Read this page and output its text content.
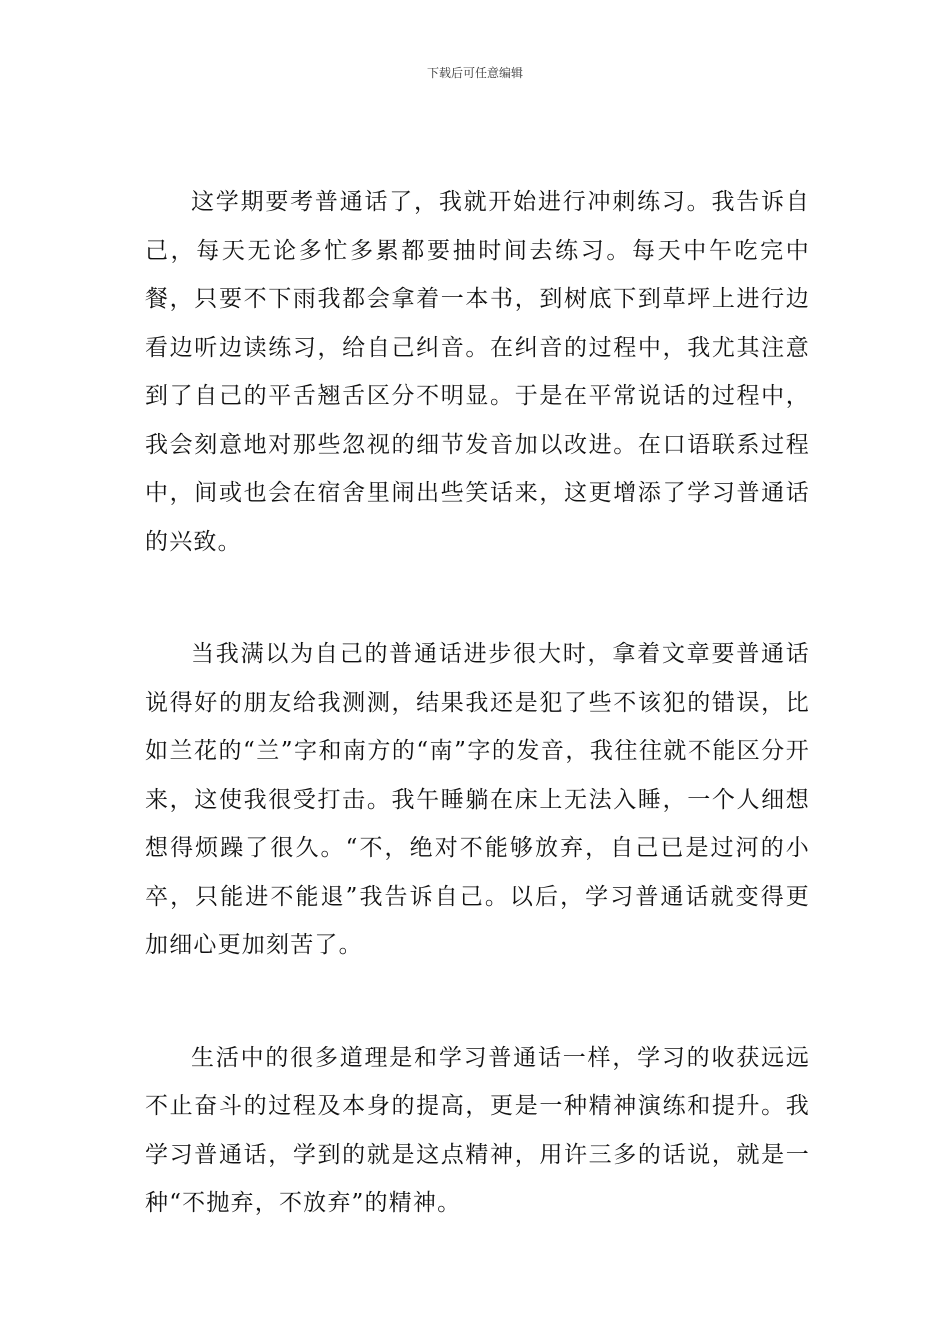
下载后可任意编辑

这学期要考普通话了，我就开始进行冲刺练习。我告诉自己，每天无论多忙多累都要抽时间去练习。每天中午吃完中餐，只要不下雨我都会拿着一本书，到树底下到草坪上进行边看边听边读练习，给自己纠音。在纠音的过程中，我尤其注意到了自己的平舌翘舌区分不明显。于是在平常说话的过程中，我会刻意地对那些忽视的细节发音加以改进。在口语联系过程中，间或也会在宿舍里闹出些笑话来，这更增添了学习普通话的兴致。

当我满以为自己的普通话进步很大时，拿着文章要普通话说得好的朋友给我测测，结果我还是犯了些不该犯的错误，比如兰花的“兰”字和南方的“南”字的发音，我往往就不能区分开来，这使我很受打击。我午睡躺在床上无法入睡，一个人细想想得烦躁了很久。“不，绝对不能够放弃，自己已是过河的小卒，只能进不能退”我告诉自己。以后，学习普通话就变得更加细心更加刻苦了。

生活中的很多道理是和学习普通话一样，学习的收获远远不止奋斗的过程及本身的提高，更是一种精神演练和提升。我学习普通话，学到的就是这点精神，用许三多的话说，就是一种“不抛弃，不放弃”的精神。
